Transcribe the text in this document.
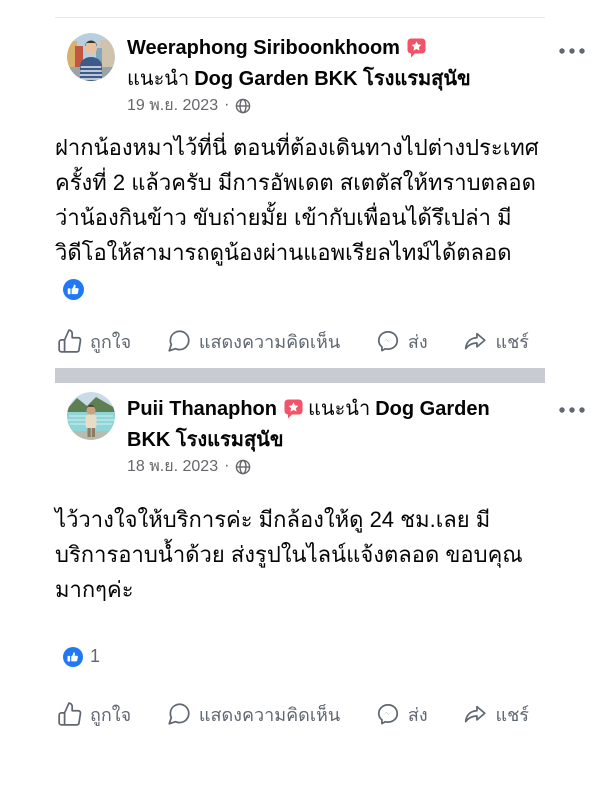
Weeraphong Siriboonkhoomแนะนำ Dog Garden BKK โรงแรมสุนัข
19 พ.ย. 2023 ·
ฝากน้องหมาไว้ที่นี่ ตอนที่ต้องเดินทางไปต่างประเทศครั้งที่ 2 แล้วครับ มีการอัพเดต สเตตัสให้ทราบตลอดว่าน้องกินข้าว ขับถ่ายมั้ย เข้ากับเพื่อนได้รึเปล่า มีวิดีโอให้สามารถดูน้องผ่านแอพเรียลไทม์ได้ตลอด
ถูกใจ	แสดงความคิดเห็น	ส่ง	แชร์
Puii Thanaphon แนะนำ Dog Garden BKK โรงแรมสุนัข
18 พ.ย. 2023 ·
ไว้วางใจให้บริการค่ะ มีกล้องให้ดู 24 ชม.เลย มีบริการอาบน้ำด้วย ส่งรูปในไลน์แจ้งตลอด ขอบคุณมากๆค่ะ
1
ถูกใจ	แสดงความคิดเห็น	ส่ง	แชร์
